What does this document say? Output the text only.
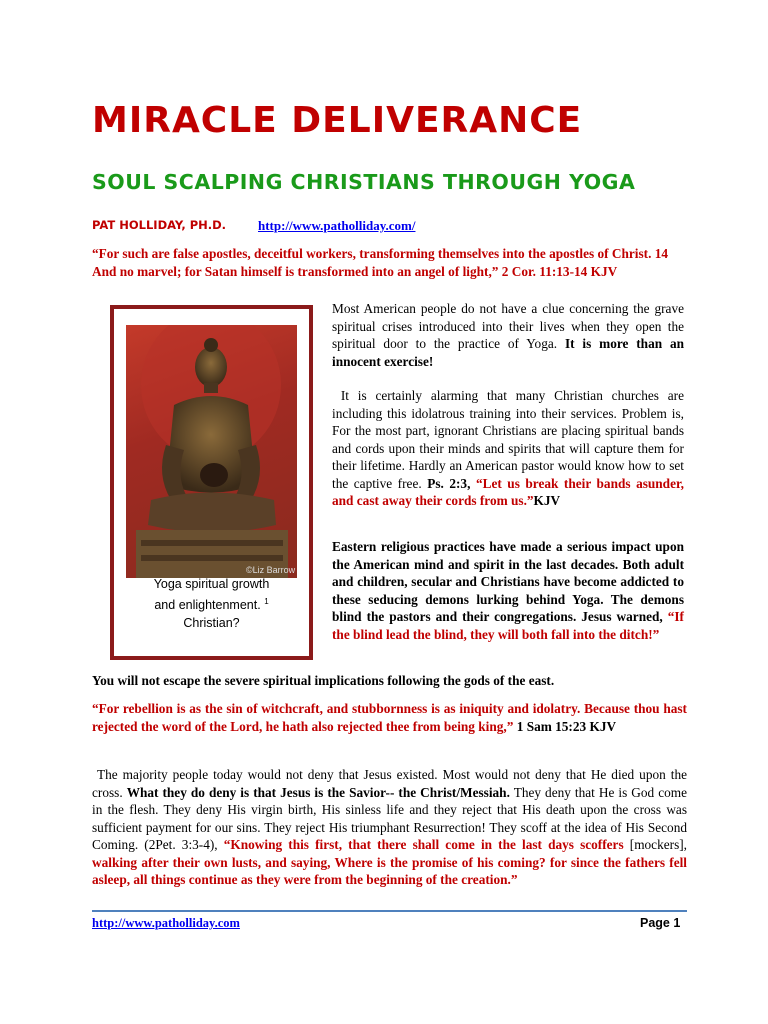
MIRACLE DELIVERANCE
SOUL SCALPING CHRISTIANS THROUGH YOGA
PAT HOLLIDAY, PH.D. http://www.patholliday.com/
“For such are false apostles, deceitful workers, transforming themselves into the apostles of Christ. 14 And no marvel; for Satan himself is transformed into an angel of light,” 2 Cor. 11:13-14 KJV
©Liz Barrow
Yoga spiritual growth
and enlightenment. $^1$
Christian?
Most American people do not have a clue concerning the grave spiritual crises introduced into their lives when they open the spiritual door to the practice of Yoga. It is more than an innocent exercise!
It is certainly alarming that many Christian churches are including this idolatrous training into their services. Problem is, For the most part, ignorant Christians are placing spiritual bands and cords upon their minds and spirits that will capture them for their lifetime. Hardly an American pastor would know how to set the captive free. Ps. 2:3, “Let us break their bands asunder, and cast away their cords from us.”KJV
Eastern religious practices have made a serious impact upon the American mind and spirit in the last decades. Both adult and children, secular and Christians have become addicted to these seducing demons lurking behind Yoga. The demons blind the pastors and their congregations. Jesus warned, “If the blind lead the blind, they will both fall into the ditch!”
You will not escape the severe spiritual implications following the gods of the east.
“For rebellion is as the sin of witchcraft, and stubbornness is as iniquity and idolatry. Because thou hast rejected the word of the Lord, he hath also rejected thee from being king,” 1 Sam 15:23 KJV
The majority people today would not deny that Jesus existed. Most would not deny that He died upon the cross. What they do deny is that Jesus is the Savior-- the Christ/Messiah. They deny that He is God come in the flesh. They deny His virgin birth, His sinless life and they reject that His death upon the cross was sufficient payment for our sins. They reject His triumphant Resurrection! They scoff at the idea of His Second Coming. (2Pet. 3:3-4), “Knowing this first, that there shall come in the last days scoffers [mockers], walking after their own lusts, and saying, Where is the promise of his coming? for since the fathers fell asleep, all things continue as they were from the beginning of the creation.”
http://www.patholliday.com	Page 1
